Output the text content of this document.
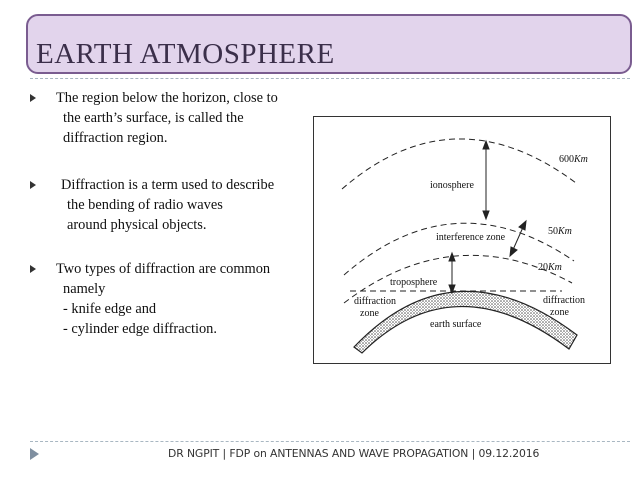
EARTH ATMOSPHERE
The region below the horizon, close to
the earth’s surface, is called the
diffraction region.
Diffraction is a term used to describe
the bending of radio waves
around physical objects.
Two types of diffraction are common
namely
- knife edge and
- cylinder edge diffraction.
ionosphere
600Km
interference zone
50Km
20Km
troposphere
diffraction
zone
diffraction
zone
earth surface
DR NGPIT | FDP on ANTENNAS AND WAVE PROPAGATION | 09.12.2016
